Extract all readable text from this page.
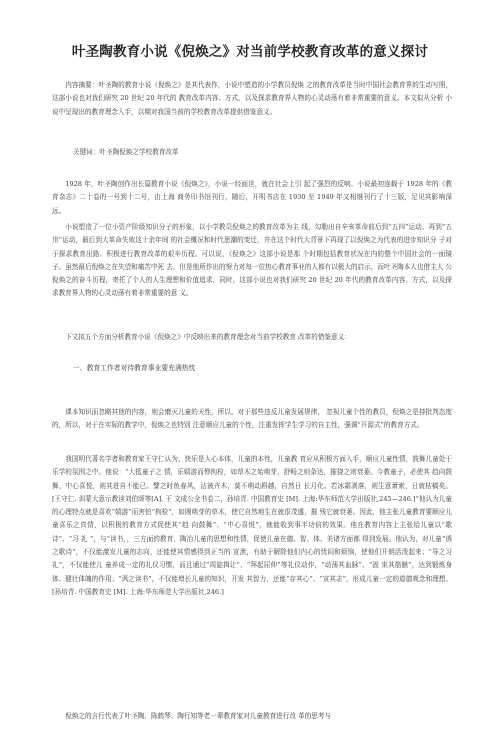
叶圣陶教育小说《倪焕之》对当前学校教育改革的意义探讨
内容摘要：叶圣陶的教育小说《倪焕之》是其代表作，小说中塑造的小学教员倪焕 之的教育改革是当时中国社会教育界的生动写照，这部小说也对我们研究 20 世纪 20 年代的 教育改革内容、方式，以及探求教育界人物的心灵动荡有着非常重要的意义。本文拟从分析 小说中呈现出的教育理念入手，以期对我国当前的学校教育改革提供借鉴意义。
关键词：叶圣陶倪焕之学校教育改革
1928 年，叶圣陶创作出长篇教育小说《倪焕之》，小说一经面世，就在社会上引 起了强烈的反响。小说最初连载于 1928 年的《教育杂志》二十卷的一号到十二号，由上海 商务印书馆刊行，随后，开明书店在 1930 至 1949 年又相继刊行了十三版，足见其影响深远。
小说塑造了一位小资产阶级知识分子的形象，以小学教员倪焕之的教育改革为主 线，勾勒出自辛亥革命前后到“五四”运动、再到“五卅”运动，最后到大革命失败这十余年间 的社会概况和时代思潮的变迁，并在这个时代大背景下再现了以倪焕之为代表的进步知识分 子对于探求教育出路、积极进行教育改革的艰辛历程。可以说，《倪焕之》这部小说是那 个时期包括教育状况在内的整个中国社会的一面镜子。虽然最后倪焕之在失望和痛苦中死 去，但是他所作出的努力对每一位热心教育事业的人都有以极大的启示，而叶圣陶本人也借主人 公倪焕之的奋斗历程，寄托了个人的人生理想和价值追求，同时，这部小说也对我们研究 20 世纪 20 年代的教育改革内容、方式，以及探求教育界人物的心灵动荡有着非常重要的意 义。
下文拟五个方面分析教育小说《倪焕之》中反映出来的教育理念对当前学校教育 改革的借鉴意义：
一、教育工作者对待教育事业要充满热忱
课本知识而忽略其他的内容，则会磨灭儿童的天性，所以，对于那些违反儿童发展规律， 忽视儿童个性的教员，倪焕之是持批判态度的，所以，对于在实际的教学中，倪焕之也特别 注意顺应儿童的个性，注重发挥学生学习的自主性，强调“开源式”的教育方式。
我国明代著名学者和教育家王守仁认为，快乐是人心本体，儿童的本性，儿童教 育应从积极方面入手，顺应儿童性情，鼓舞儿童处于乐学的氛围之中。他说：“大抵童子之 情，乐嬉游而惮拘检，如草木之始萌芽，舒畅之则条达，摧挠之则衰萎。今教童子，必使其 趋向鼓舞，中心喜悦，则其进自不能已。譬之时鱼春风，沾被卉木，莫不萌动斟越，自然日 长月化。若冰霜剥落，则生意萧索，日就枯稿矣。[王守仁. 训蒙大意示教读刘伯颂等[A]. 王 文成公全书卷二，孙培青. 中国教育史 [M]. 上海:华东师范大学出版社,245—246.]”他认为儿童 的心理特点就是喜欢“嬉游”而害怕“拘检”，如刚萌芽的草木，使它自然地生在就很茂盛，摧 残它就衰萎。因此，他主张儿童教育要顺应儿童喜乐之真情，以积极的教育方式促使其“趋 向鼓舞”、“中心喜悦”，就能收到事半功倍的效果。他在教育内容上主张给儿童以“歌诗”、“习 礼 ”，与“读书，，三方面的教育，陶冶儿童的思想和性情，促使儿童在德、智、体、美诸方面都 得到发展。他认为，对儿童“诱之歌诗”，不仅能激发儿童的志向，还能使其情感得到正当的 宣泄，有助于解除他们内心的忧闷和烦恼，使他们开朗活泼起来；“导之习礼”，不仅能使儿 童养成一定的礼仪习惯，而且通过“周旋揖让”、“拜起屈伸”等礼仪动作，“动荡其血脉”、“固 束其筋骸”，达到锻炼身体、健壮体魄的作用；“讽之读书”，不仅能增长儿童的知识，开发 其智力，还能“存其心”、“宣其志”，形成儿童一定的道德观念和理想。[孙培青. 中国教育史 [M]. 上海:华东师范大学出版社,246.]
倪焕之的言行代表了叶圣陶、陈鹤琴、陶行知等老一辈教育家对儿童教育进行改 革的思考与
